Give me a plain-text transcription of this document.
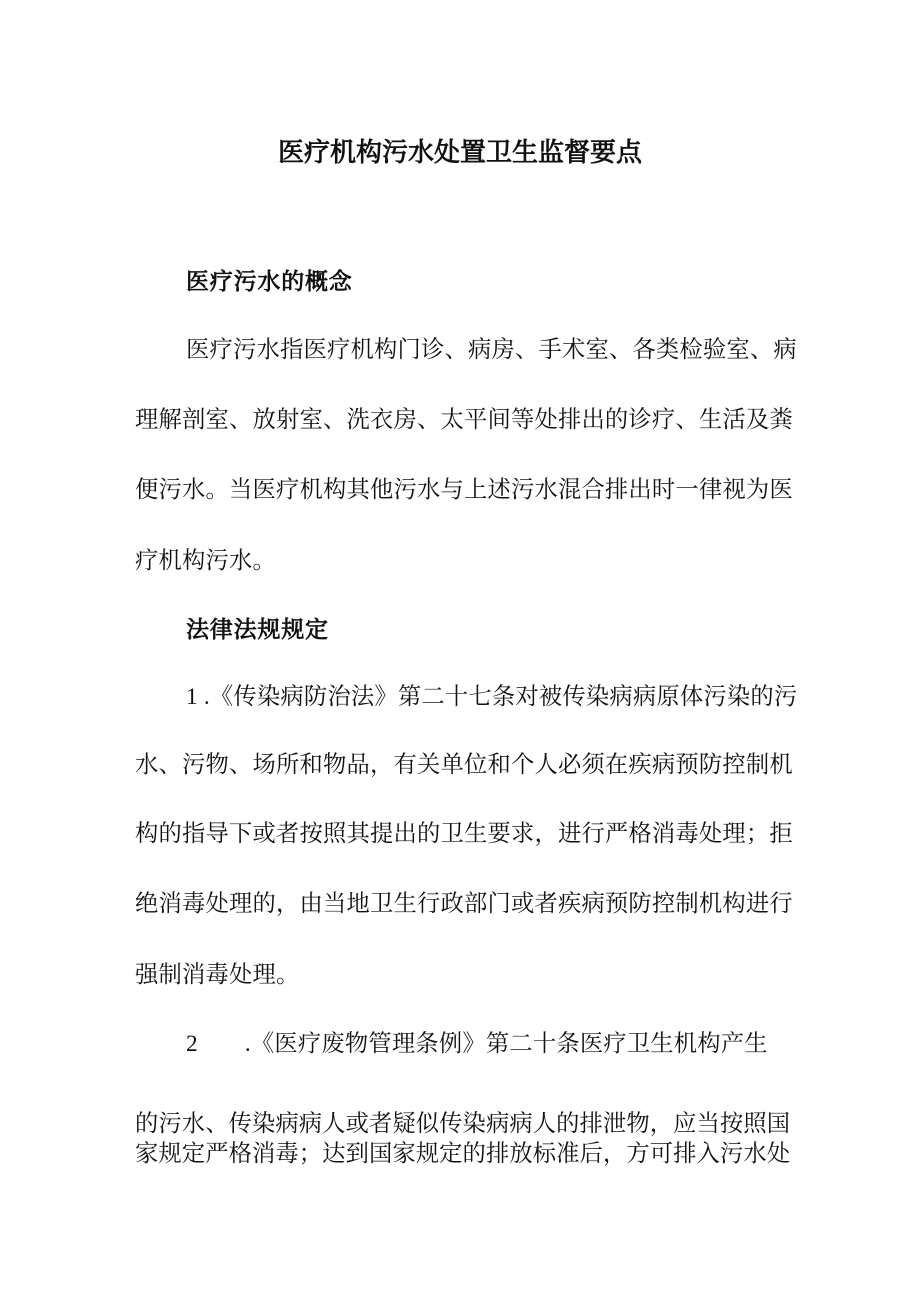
医疗机构污水处置卫生监督要点
医疗污水的概念
医疗污水指医疗机构门诊、病房、手术室、各类检验室、病
理解剖室、放射室、洗衣房、太平间等处排出的诊疗、生活及粪
便污水。当医疗机构其他污水与上述污水混合排出时一律视为医
疗机构污水。
法律法规规定
1 .《传染病防治法》第二十七条对被传染病病原体污染的污
水、污物、场所和物品，有关单位和个人必须在疾病预防控制机
构的指导下或者按照其提出的卫生要求，进行严格消毒处理；拒
绝消毒处理的，由当地卫生行政部门或者疾病预防控制机构进行
强制消毒处理。
2　　.《医疗废物管理条例》第二十条医疗卫生机构产生
的污水、传染病病人或者疑似传染病病人的排泄物，应当按照国
家规定严格消毒；达到国家规定的排放标准后，方可排入污水处
